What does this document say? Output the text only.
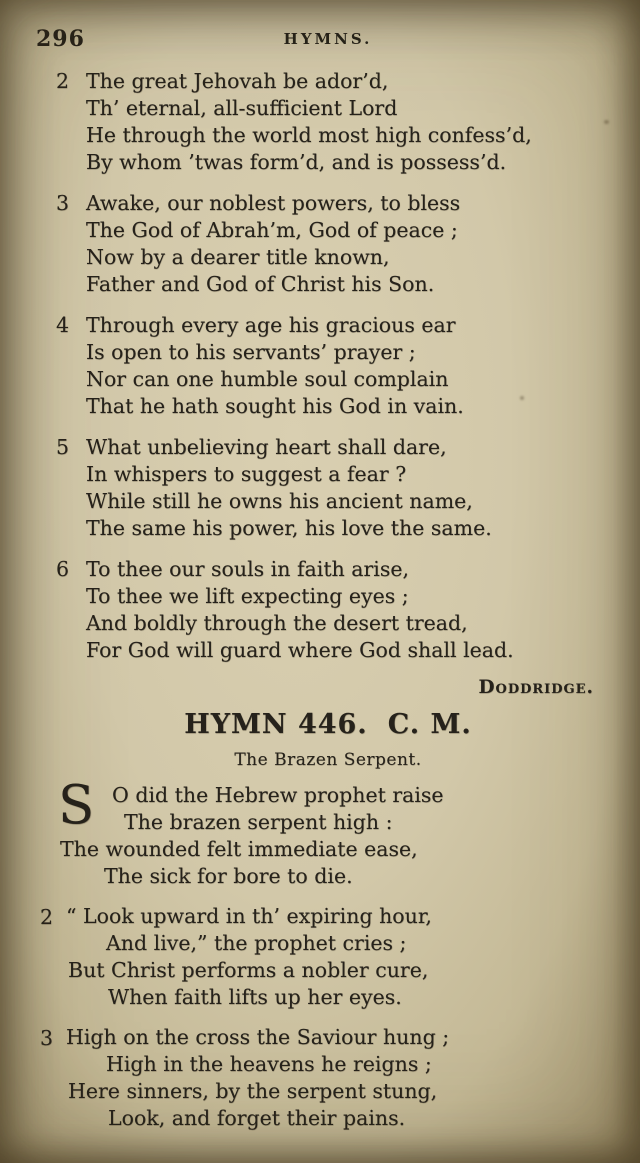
296	HYMNS.
2 The great Jehovah be ador’d,
Th’ eternal, all-sufficient Lord
He through the world most high confess’d,
By whom ’twas form’d, and is possess’d.
3 Awake, our noblest powers, to bless
The God of Abrah’m, God of peace ;
Now by a dearer title known,
Father and God of Christ his Son.
4 Through every age his gracious ear
Is open to his servants’ prayer ;
Nor can one humble soul complain
That he hath sought his God in vain.
5 What unbelieving heart shall dare,
In whispers to suggest a fear ?
While still he owns his ancient name,
The same his power, his love the same.
6 To thee our souls in faith arise,
To thee we lift expecting eyes ;
And boldly through the desert tread,
For God will guard where God shall lead.
Doddridge.
HYMN 446. C. M.
The Brazen Serpent.
S O did the Hebrew prophet raise
The brazen serpent high :
The wounded felt immediate ease,
The sick for bore to die.
2 “ Look upward in th’ expiring hour,
And live,” the prophet cries ;
But Christ performs a nobler cure,
When faith lifts up her eyes.
3 High on the cross the Saviour hung ;
High in the heavens he reigns ;
Here sinners, by the serpent stung,
Look, and forget their pains.
